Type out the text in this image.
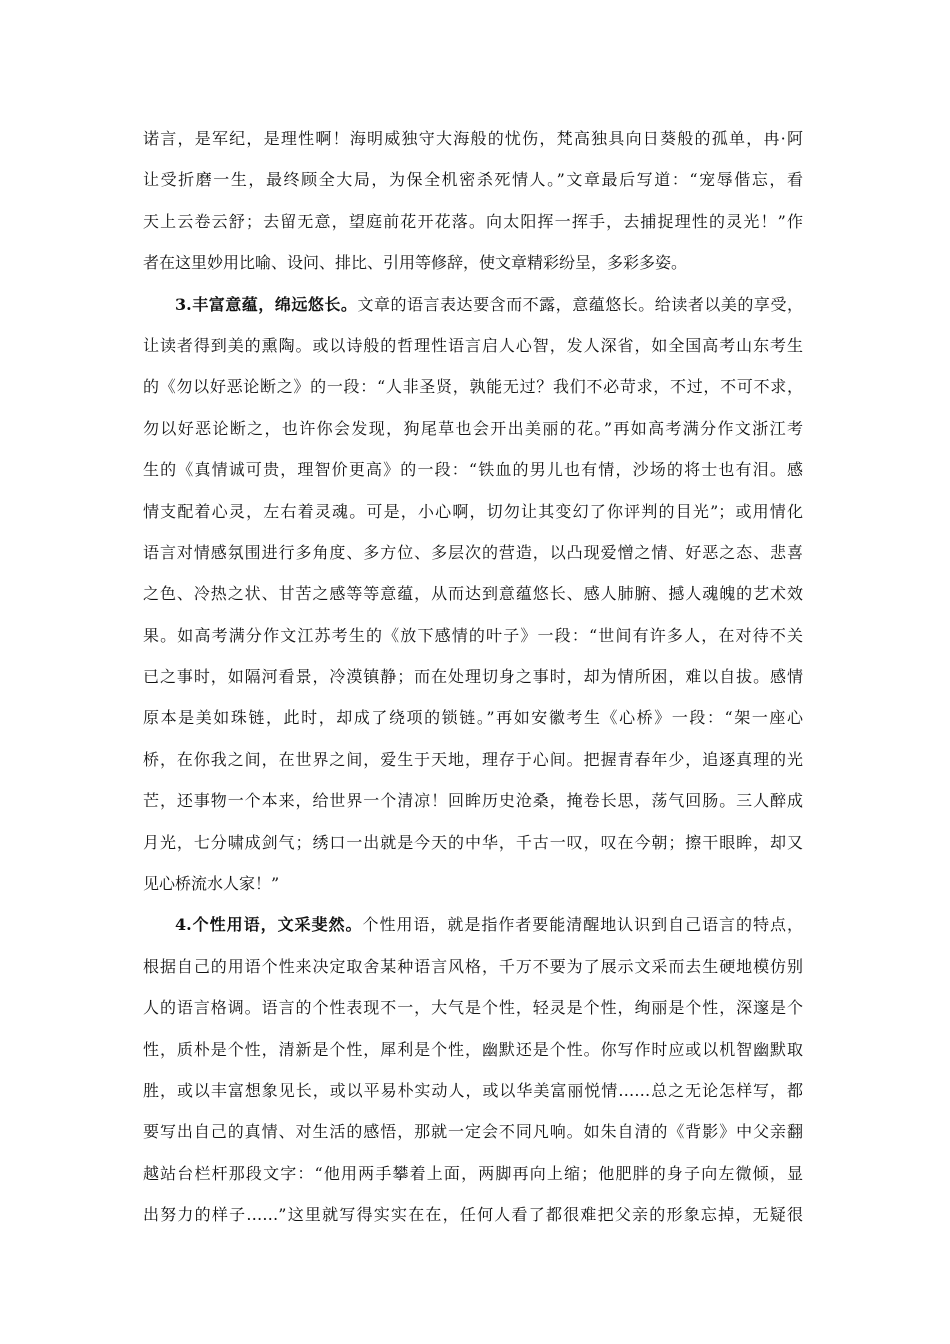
诺言，是军纪，是理性啊！海明威独守大海般的忧伤，梵高独具向日葵般的孤单，冉·阿
让受折磨一生，最终顾全大局，为保全机密杀死情人。”文章最后写道：“宠辱偕忘，看
天上云卷云舒；去留无意，望庭前花开花落。向太阳挥一挥手，去捕捉理性的灵光！”作
者在这里妙用比喻、设问、排比、引用等修辞，使文章精彩纷呈，多彩多姿。
3.丰富意蕴，绵远悠长。文章的语言表达要含而不露，意蕴悠长。给读者以美的享受，
让读者得到美的熏陶。或以诗般的哲理性语言启人心智，发人深省，如全国高考山东考生
的《勿以好恶论断之》的一段：“人非圣贤，孰能无过？我们不必苛求，不过，不可不求，
勿以好恶论断之，也许你会发现，狗尾草也会开出美丽的花。”再如高考满分作文浙江考
生的《真情诚可贵，理智价更高》的一段：“铁血的男儿也有情，沙场的将士也有泪。感
情支配着心灵，左右着灵魂。可是，小心啊，切勿让其变幻了你评判的目光”；或用情化
语言对情感氛围进行多角度、多方位、多层次的营造，以凸现爱憎之情、好恶之态、悲喜
之色、冷热之状、甘苦之感等等意蕴，从而达到意蕴悠长、感人肺腑、撼人魂魄的艺术效
果。如高考满分作文江苏考生的《放下感情的叶子》一段：“世间有许多人，在对待不关
已之事时，如隔河看景，冷漠镇静；而在处理切身之事时，却为情所困，难以自拔。感情
原本是美如珠链，此时，却成了绕项的锁链。”再如安徽考生《心桥》一段：“架一座心
桥，在你我之间，在世界之间，爱生于天地，理存于心间。把握青春年少，追逐真理的光
芒，还事物一个本来，给世界一个清凉！回眸历史沧桑，掩卷长思，荡气回肠。三人醉成
月光，七分啸成剑气；绣口一出就是今天的中华，千古一叹，叹在今朝；擦干眼眸，却又
见心桥流水人家！”
4.个性用语，文采斐然。个性用语，就是指作者要能清醒地认识到自己语言的特点，
根据自己的用语个性来决定取舍某种语言风格，千万不要为了展示文采而去生硬地模仿别
人的语言格调。语言的个性表现不一，大气是个性，轻灵是个性，绚丽是个性，深邃是个
性，质朴是个性，清新是个性，犀利是个性，幽默还是个性。你写作时应或以机智幽默取
胜，或以丰富想象见长，或以平易朴实动人，或以华美富丽悦情……总之无论怎样写，都
要写出自己的真情、对生活的感悟，那就一定会不同凡响。如朱自清的《背影》中父亲翻
越站台栏杆那段文字：“他用两手攀着上面，两脚再向上缩；他肥胖的身子向左微倾，显
出努力的样子……”这里就写得实实在在，任何人看了都很难把父亲的形象忘掉，无疑很
